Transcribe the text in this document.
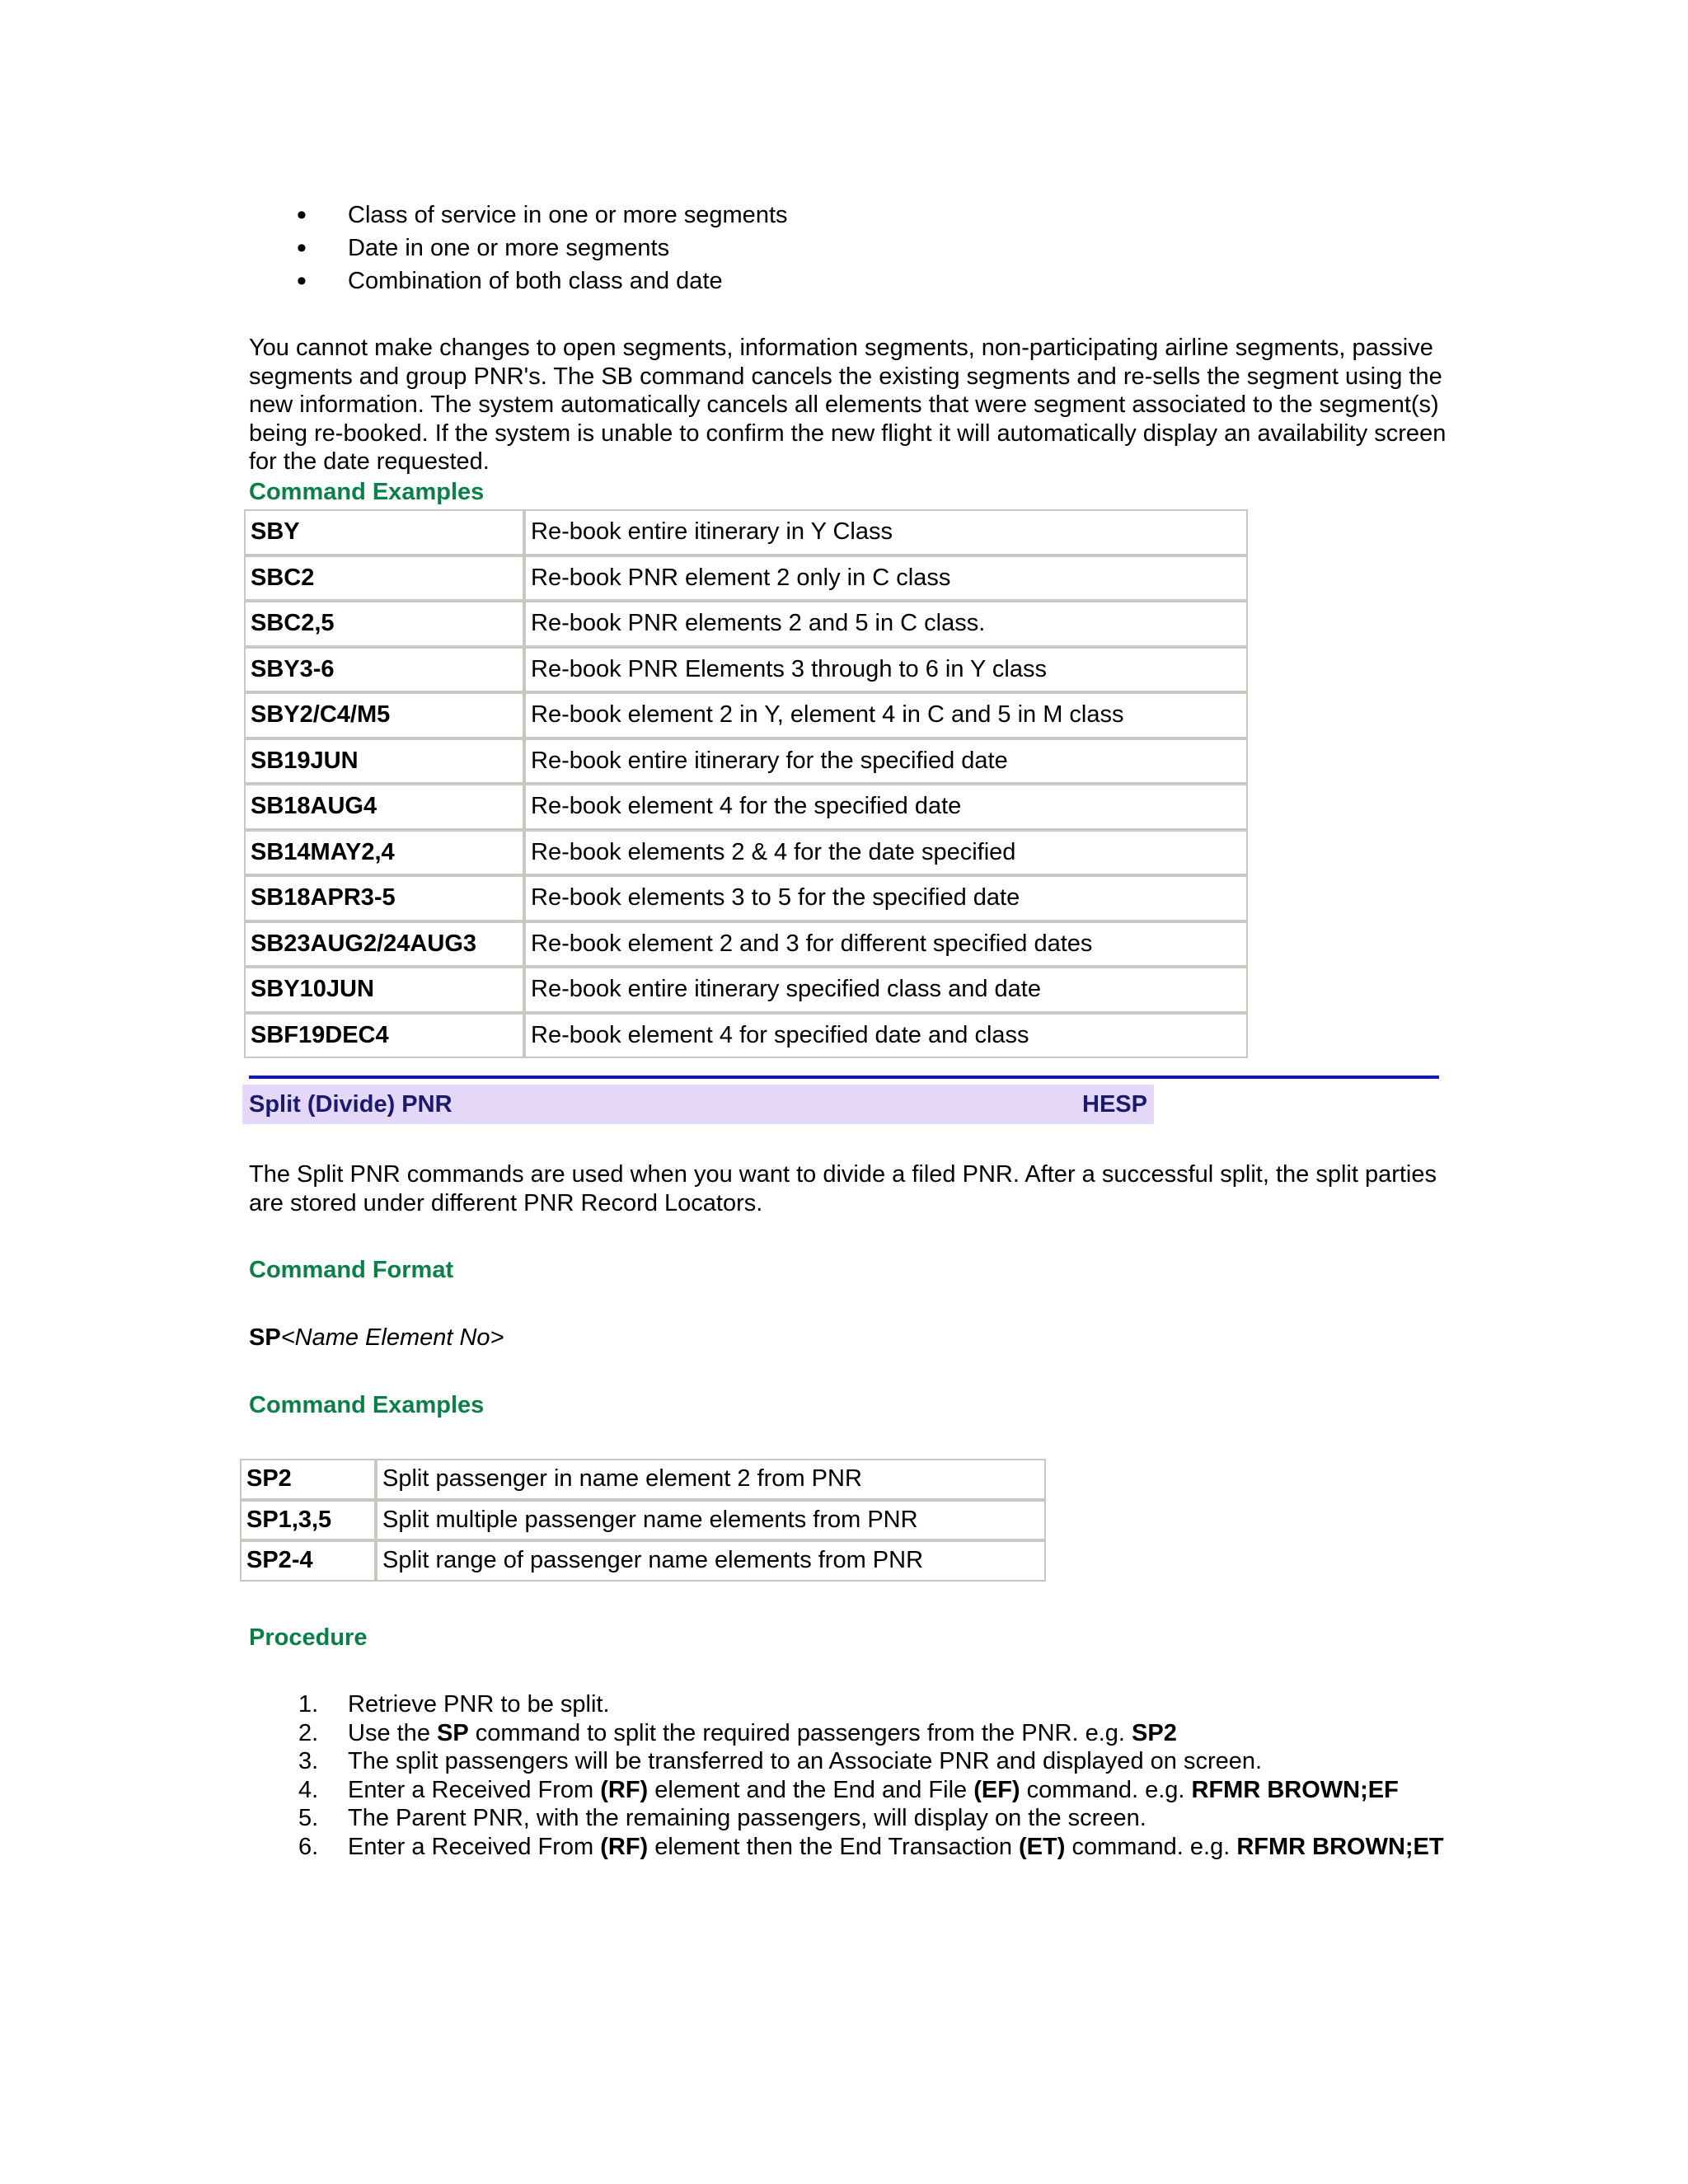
• Class of service in one or more segments
• Date in one or more segments
• Combination of both class and date

You cannot make changes to open segments, information segments, non-participating airline segments, passive segments and group PNR's. The SB command cancels the existing segments and re-sells the segment using the new information. The system automatically cancels all elements that were segment associated to the segment(s) being re-booked. If the system is unable to confirm the new flight it will automatically display an availability screen for the date requested.

Command Examples

SBY	Re-book entire itinerary in Y Class
SBC2	Re-book PNR element 2 only in C class
SBC2,5	Re-book PNR elements 2 and 5 in C class.
SBY3-6	Re-book PNR Elements 3 through to 6 in Y class
SBY2/C4/M5	Re-book element 2 in Y, element 4 in C and 5 in M class
SB19JUN	Re-book entire itinerary for the specified date
SB18AUG4	Re-book element 4 for the specified date
SB14MAY2,4	Re-book elements 2 & 4 for the date specified
SB18APR3-5	Re-book elements 3 to 5 for the specified date
SB23AUG2/24AUG3	Re-book element 2 and 3 for different specified dates
SBY10JUN	Re-book entire itinerary specified class and date
SBF19DEC4	Re-book element 4 for specified date and class
Split (Divide) PNR	HESP

The Split PNR commands are used when you want to divide a filed PNR. After a successful split, the split parties are stored under different PNR Record Locators.

Command Format

SP<Name Element No>

Command Examples

SP2	Split passenger in name element 2 from PNR
SP1,3,5	Split multiple passenger name elements from PNR
SP2-4	Split range of passenger name elements from PNR

Procedure

1. Retrieve PNR to be split.
2. Use the SP command to split the required passengers from the PNR. e.g. SP2
3. The split passengers will be transferred to an Associate PNR and displayed on screen.
4. Enter a Received From (RF) element and the End and File (EF) command. e.g. RFMR BROWN;EF
5. The Parent PNR, with the remaining passengers, will display on the screen.
6. Enter a Received From (RF) element then the End Transaction (ET) command. e.g. RFMR BROWN;ET
